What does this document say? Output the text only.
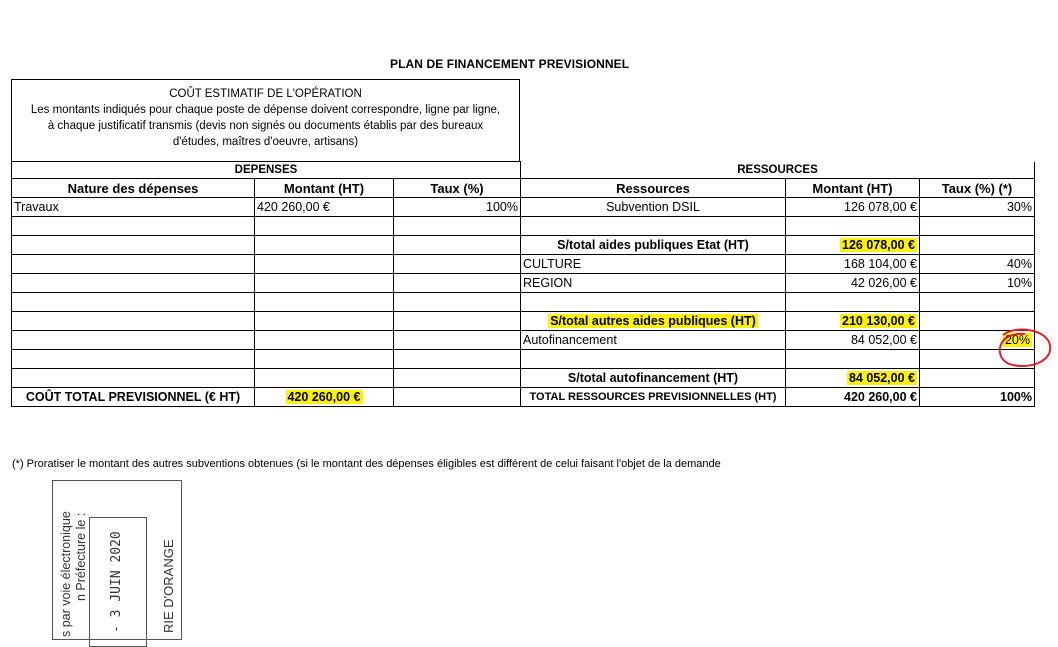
PLAN DE FINANCEMENT PREVISIONNEL
COÛT ESTIMATIF DE L'OPÉRATION
Les montants indiqués pour chaque poste de dépense doivent correspondre, ligne par ligne,
à chaque justificatif transmis (devis non signés ou documents établis par des bureaux
d'études, maîtres d'oeuvre, artisans)
DEPENSES			RESSOURCES		
Nature des dépenses	Montant (HT)	Taux (%)	Ressources	Montant (HT)	Taux (%) (*)
Travaux	420 260,00 €	100%	Subvention DSIL	126 078,00 €	30%

			S/total aides publiques Etat (HT)	126 078,00 €	
			CULTURE	168 104,00 €	40%
			REGION	42 026,00 €	10%

			S/total autres aides publiques (HT)	210 130,00 €	
			Autofinancement	84 052,00 €	20%

			S/total autofinancement (HT)	84 052,00 €	
COÛT TOTAL PREVISIONNEL (€ HT)	420 260,00 €		TOTAL RESSOURCES PREVISIONNELLES (HT)	420 260,00 €	100%
(*) Proratiser le montant des autres subventions obtenues (si le montant des dépenses éligibles est différent de celui faisant l'objet de la demande
s par voie électronique n Préfecture le : - 3 JUIN 2020	RIE D'ORANGE
